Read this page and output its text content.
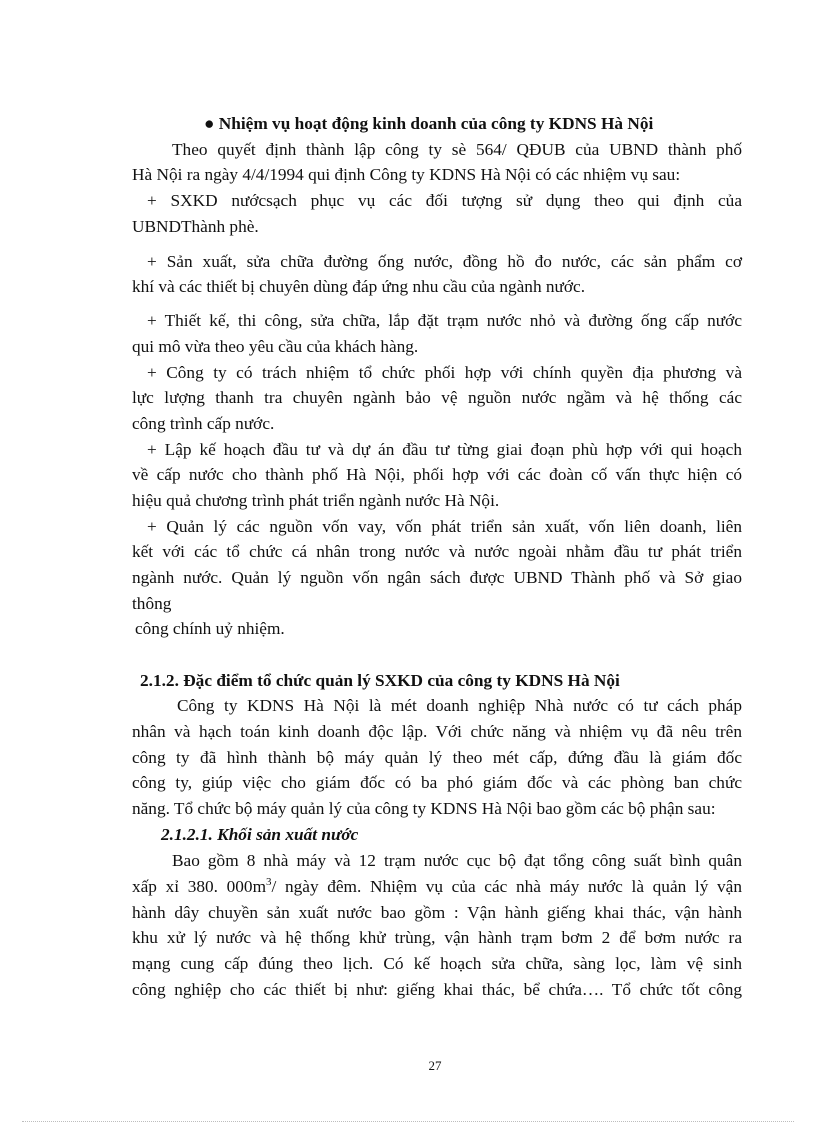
● Nhiệm vụ hoạt động kinh doanh của công ty KDNS Hà Nội
Theo quyết định thành lập công ty sè 564/ QĐUB của UBND thành phố
Hà Nội ra ngày 4/4/1994 qui định Công ty KDNS Hà Nội có các nhiệm vụ sau:
+ SXKD nướcsạch phục vụ các đối tượng sử dụng theo qui định của
UBNDThành phè.
+ Sản xuất, sửa chữa đường ống nước, đồng hồ đo nước, các sản phẩm cơ
khí và các thiết bị chuyên dùng đáp ứng nhu cầu của ngành nước.
+ Thiết kế, thi công, sửa chữa, lắp đặt trạm nước nhỏ và đường ống cấp nước
qui mô vừa theo yêu cầu của khách hàng.
+ Công ty có trách nhiệm tổ chức phối hợp với chính quyền địa phương và
lực lượng thanh tra chuyên ngành bảo vệ nguồn nước ngầm và hệ thống các
công trình cấp nước.
+ Lập kế hoạch đầu tư và dự án đầu tư từng giai đoạn phù hợp với qui hoạch
về cấp nước cho thành phố Hà Nội, phối hợp với các đoàn cố vấn thực hiện có
hiệu quả chương trình phát triển ngành nước Hà Nội.
+ Quản lý các nguồn vốn vay, vốn phát triển sản xuất, vốn liên doanh, liên
kết với các tổ chức cá nhân trong nước và nước ngoài nhằm đầu tư phát triển
ngành nước. Quản lý nguồn vốn ngân sách được UBND Thành phố và Sở giao
thông
công chính uỷ nhiệm.
2.1.2. Đặc điểm tổ chức quản lý SXKD của công ty KDNS Hà Nội
Công ty KDNS Hà Nội là mét doanh nghiệp Nhà nước có tư cách pháp
nhân và hạch toán kinh doanh độc lập. Với chức năng và nhiệm vụ đã nêu trên
công ty đã hình thành bộ máy quản lý theo mét cấp, đứng đầu là giám đốc
công ty, giúp việc cho giám đốc có ba phó giám đốc và các phòng ban chức
năng. Tổ chức bộ máy quản lý của công ty KDNS Hà Nội bao gồm các bộ phận sau:
2.1.2.1. Khối sản xuất nước
Bao gồm 8 nhà máy và 12 trạm nước cục bộ đạt tổng công suất bình quân
xấp xỉ 380. $000m^3/$ ngày đêm. Nhiệm vụ của các nhà máy nước là quản lý vận
hành dây chuyền sản xuất nước bao gồm : Vận hành giếng khai thác, vận hành
khu xử lý nước và hệ thống khử trùng, vận hành trạm bơm 2 để bơm nước ra
mạng cung cấp đúng theo lịch. Có kế hoạch sửa chữa, sàng lọc, làm vệ sinh
công nghiệp cho các thiết bị như: giếng khai thác, bể chứa…. Tổ chức tốt công
27
